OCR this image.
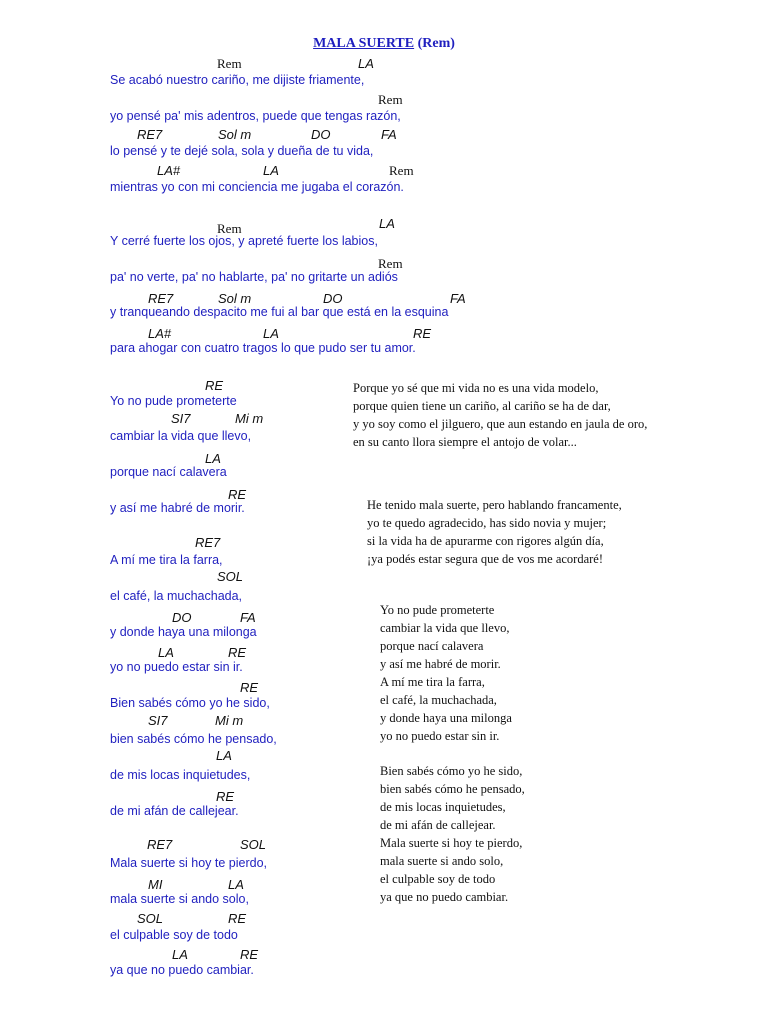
MALA SUERTE (Rem)
Rem	LA
Se acabó nuestro cariño, me dijiste friamente,
Rem
yo pensé pa' mis adentros, puede que tengas razón,
RE7	Sol m	DO	FA
lo pensé y te dejé sola, sola y dueña de tu vida,
LA#	LA	Rem
mientras yo con mi conciencia me jugaba el corazón.
Rem	LA
Y cerré fuerte los ojos, y apreté fuerte los labios,
Rem
pa' no verte, pa' no hablarte, pa' no gritarte un adiós
RE7	Sol m	DO	FA
y tranqueando despacito me fui al bar que está en la esquina
LA#	LA	RE
para ahogar con cuatro tragos lo que pudo ser tu amor.
RE
Yo no pude prometerte
SI7	Mi m
cambiar la vida que llevo,
LA
porque nací calavera
RE
y así me habré de morir.
RE7
A mí me tira la farra,
SOL
el café, la muchachada,
DO	FA
y donde haya una milonga
LA	RE
yo no puedo estar sin ir.
RE
Bien sabés cómo yo he sido,
SI7	Mi m
bien sabés cómo he pensado,
LA
de mis locas inquietudes,
RE
de mi afán de callejear.
RE7	SOL
Mala suerte si hoy te pierdo,
MI	LA
mala suerte si ando solo,
SOL	RE
el culpable soy de todo
LA	RE
ya que no puedo cambiar.
Porque yo sé que mi vida no es una vida modelo,
porque quien tiene un cariño, al cariño se ha de dar,
y yo soy como el jilguero, que aun estando en jaula de oro,
en su canto llora siempre el antojo de volar...
He tenido mala suerte, pero hablando francamente,
yo te quedo agradecido, has sido novia y mujer;
si la vida ha de apurarme con rigores algún día,
¡ya podés estar segura que de vos me acordaré!
Yo no pude prometerte
cambiar la vida que llevo,
porque nací calavera
y así me habré de morir.
A mí me tira la farra,
el café, la muchachada,
y donde haya una milonga
yo no puedo estar sin ir.
Bien sabés cómo yo he sido,
bien sabés cómo he pensado,
de mis locas inquietudes,
de mi afán de callejear.
Mala suerte si hoy te pierdo,
mala suerte si ando solo,
el culpable soy de todo
ya que no puedo cambiar.
